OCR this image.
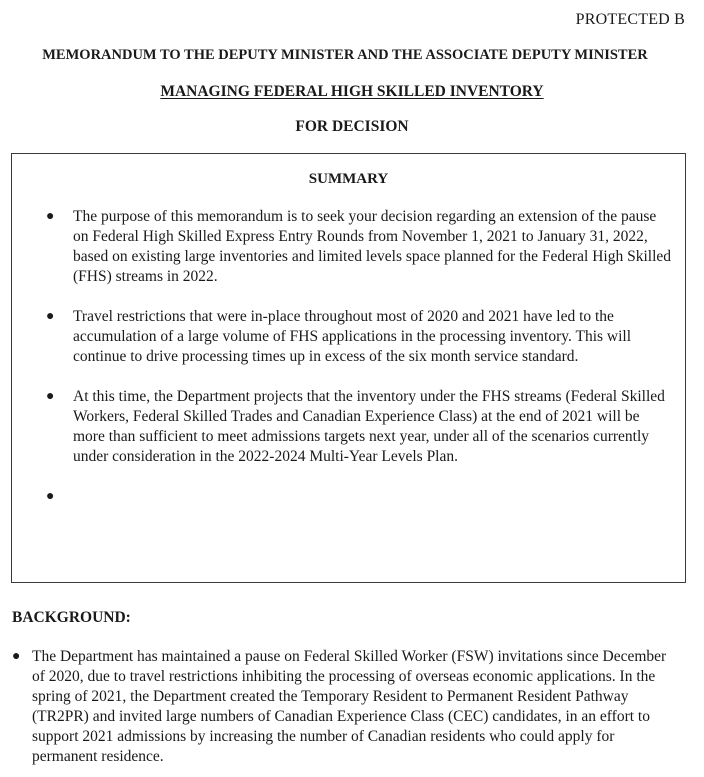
PROTECTED B
MEMORANDUM TO THE DEPUTY MINISTER AND THE ASSOCIATE DEPUTY MINISTER
MANAGING FEDERAL HIGH SKILLED INVENTORY
FOR DECISION
SUMMARY
● The purpose of this memorandum is to seek your decision regarding an extension of the pause on Federal High Skilled Express Entry Rounds from November 1, 2021 to January 31, 2022, based on existing large inventories and limited levels space planned for the Federal High Skilled (FHS) streams in 2022.
● Travel restrictions that were in-place throughout most of 2020 and 2021 have led to the accumulation of a large volume of FHS applications in the processing inventory. This will continue to drive processing times up in excess of the six month service standard.
● At this time, the Department projects that the inventory under the FHS streams (Federal Skilled Workers, Federal Skilled Trades and Canadian Experience Class) at the end of 2021 will be more than sufficient to meet admissions targets next year, under all of the scenarios currently under consideration in the 2022-2024 Multi-Year Levels Plan.
●
BACKGROUND:
● The Department has maintained a pause on Federal Skilled Worker (FSW) invitations since December of 2020, due to travel restrictions inhibiting the processing of overseas economic applications. In the spring of 2021, the Department created the Temporary Resident to Permanent Resident Pathway (TR2PR) and invited large numbers of Canadian Experience Class (CEC) candidates, in an effort to support 2021 admissions by increasing the number of Canadian residents who could apply for permanent residence.
